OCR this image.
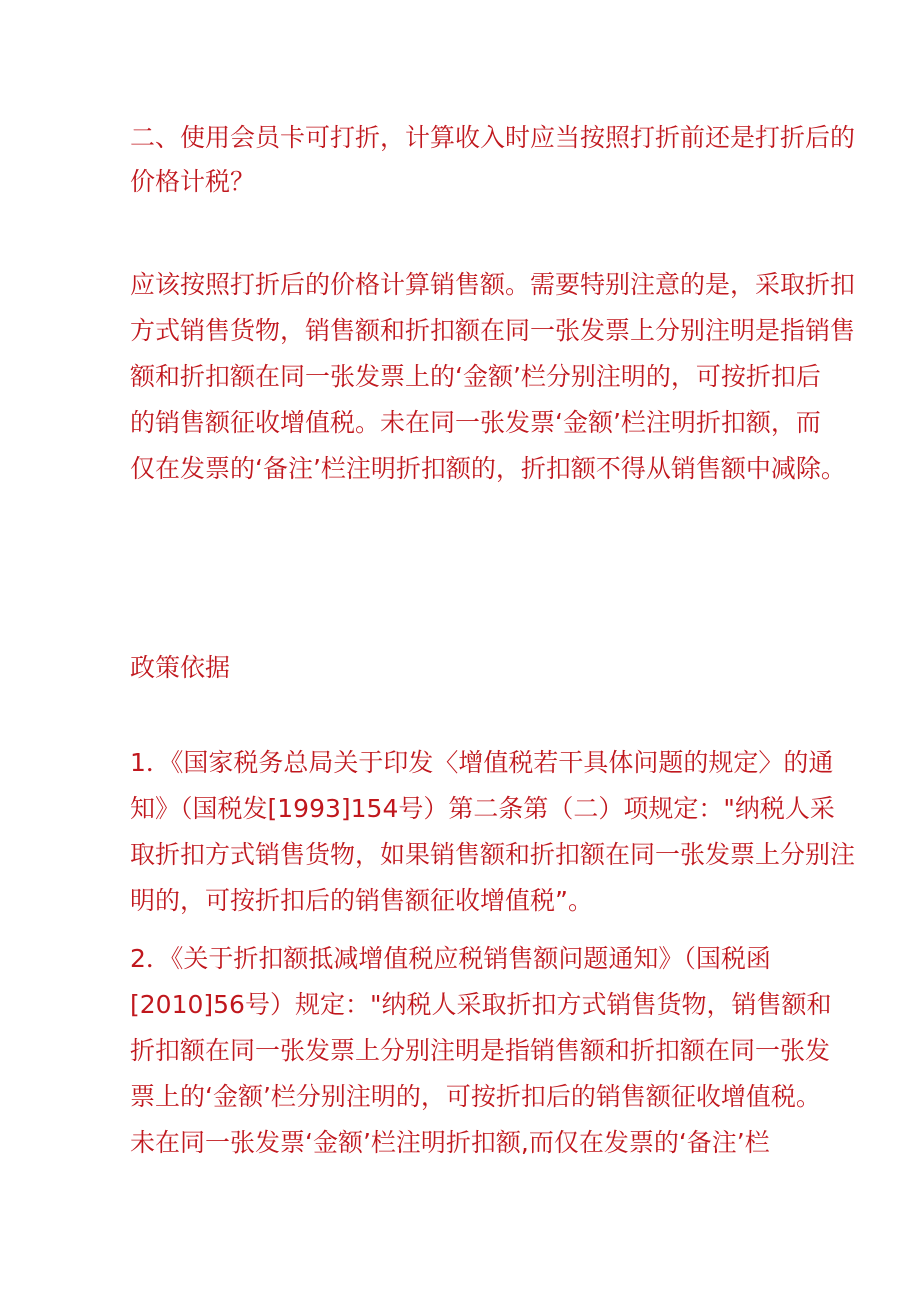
二、使用会员卡可打折，计算收入时应当按照打折前还是打折后的

价格计税？

应该按照打折后的价格计算销售额。需要特别注意的是，采取折扣

方式销售货物，销售额和折扣额在同一张发票上分别注明是指销售

额和折扣额在同一张发票上的‘金额’栏分别注明的，可按折扣后

的销售额征收增值税。未在同一张发票‘金额’栏注明折扣额，而

仅在发票的‘备注’栏注明折扣额的，折扣额不得从销售额中减除。

政策依据

1．《国家税务总局关于印发〈增值税若干具体问题的规定〉的通

知》（国税发[1993]154号）第二条第（二）项规定："纳税人采

取折扣方式销售货物，如果销售额和折扣额在同一张发票上分别注

明的，可按折扣后的销售额征收增值税”。

2．《关于折扣额抵减增值税应税销售额问题通知》（国税函

[2010]56号）规定："纳税人采取折扣方式销售货物，销售额和

折扣额在同一张发票上分别注明是指销售额和折扣额在同一张发

票上的‘金额’栏分别注明的，可按折扣后的销售额征收增值税。

未在同一张发票‘金额’栏注明折扣额,而仅在发票的‘备注’栏
